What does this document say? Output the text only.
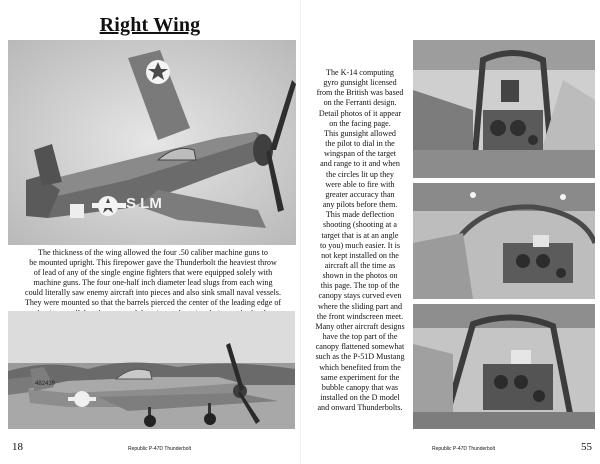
Right Wing
S LM
The thickness of the wing allowed the four .50 caliber machine guns to
be mounted upright. This firepower gave the Thunderbolt the heaviest throw
of lead of any of the single engine fighters that were equipped solely with
machine guns. The four one-half inch diameter lead slugs from each wing
could literally saw enemy aircraft into pieces and also sink small naval vessels.
They were mounted so that the barrels pierced the center of the leading edge of
482439
18	Republic P-47D Thunderbolt
The K-14 computing
gyro gunsight licensed
from the British was based
on the Ferranti design.
Detail photos of it appear
on the facing page.
This gunsight allowed
the pilot to dial in the
wingspan of the target
and range to it and when
the circles lit up they
were able to fire with
greater accuracy than
any pilots before them.
This made deflection
shooting (shooting at a
target that is at an angle
to you) much easier. It is
not kept installed on the
aircraft all the time as
shown in the photos on
this page. The top of the
canopy stays curved even
where the sliding part and
the front windscreen meet.
Many other aircraft designs
have the top part of the
canopy flattened somewhat
such as the P-51D Mustang
which benefited from the
same experiment for the
bubble canopy that was
installed on the D model
and onward Thunderbolts.
55
Republic P-47D Thunderbolt
